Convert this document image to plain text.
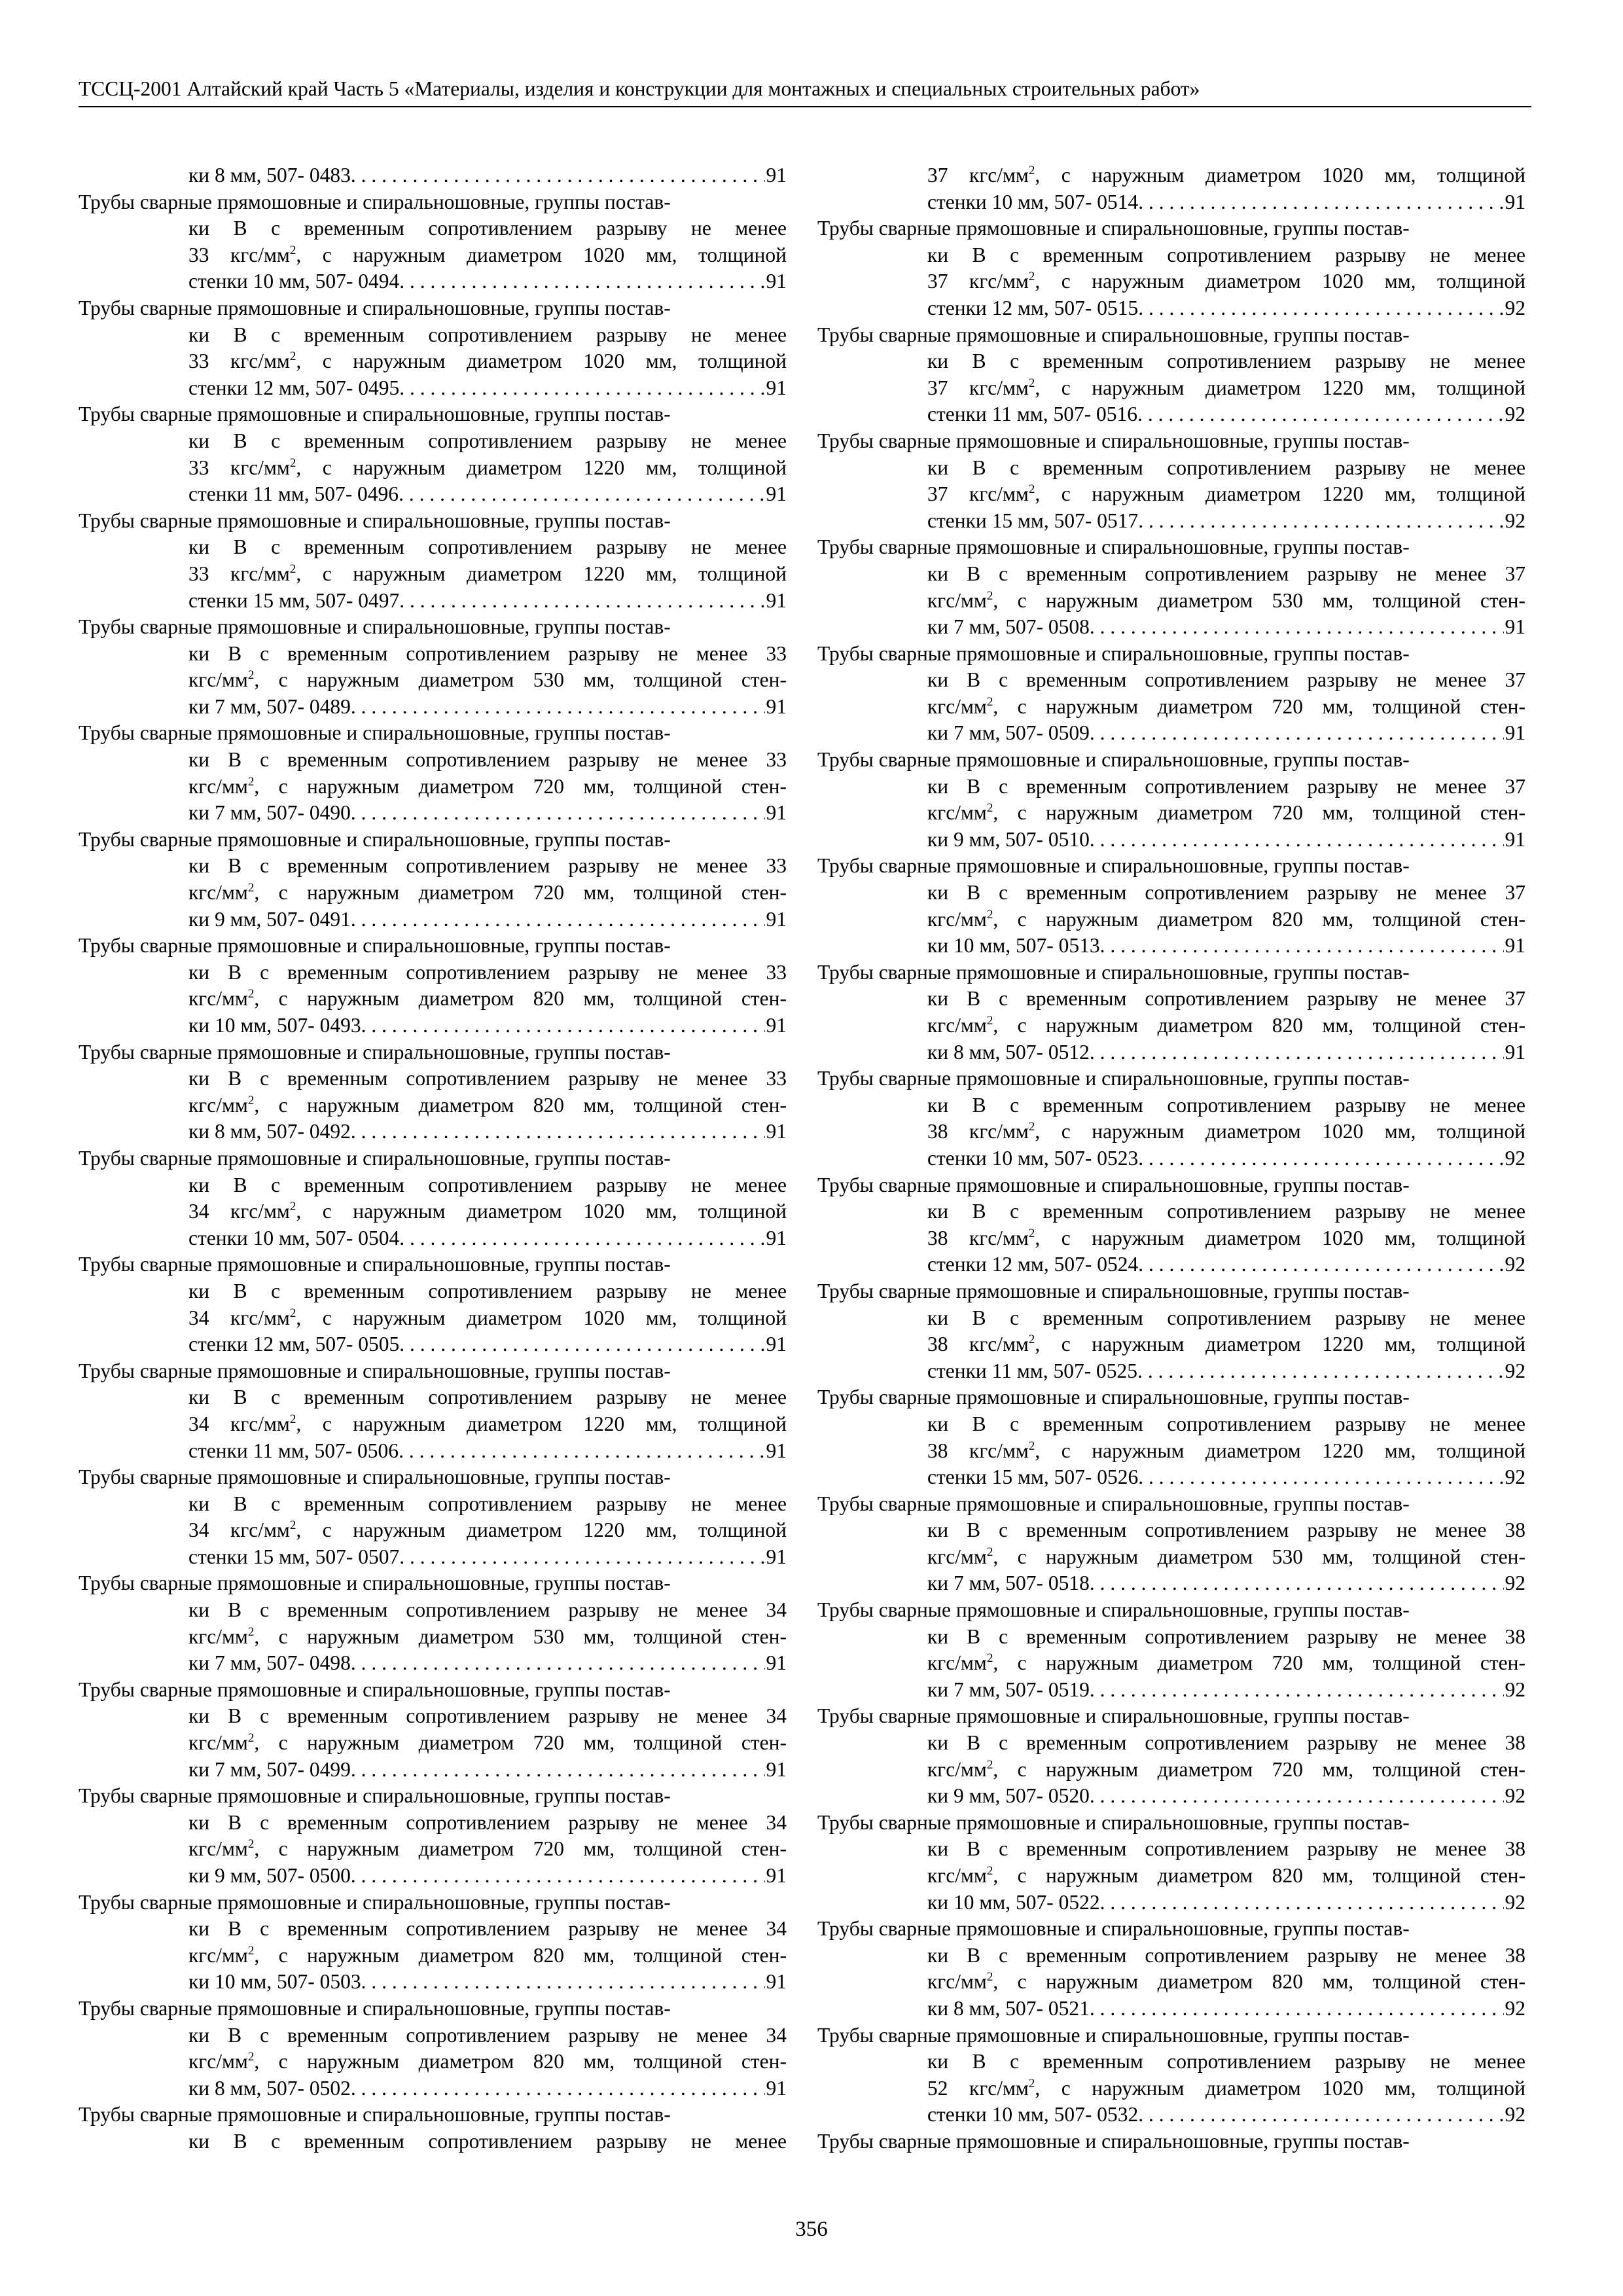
ТССЦ-2001 Алтайский край Часть 5 «Материалы, изделия и конструкции для монтажных и специальных строительных работ»
ки 8 мм, 507- 0483 . . .	91
Трубы сварные прямошовные и спиральношовные, группы постав-
ки В с временным сопротивлением разрыву не менее
33 кгс/$мм^2$, с наружным диаметром 1020 мм, толщиной
стенки 10 мм, 507- 0494 . . .	91
Трубы сварные прямошовные и спиральношовные, группы постав-
ки В с временным сопротивлением разрыву не менее
33 кгс/$мм^2$, с наружным диаметром 1020 мм, толщиной
стенки 12 мм, 507- 0495 . . .	91
Трубы сварные прямошовные и спиральношовные, группы постав-
ки В с временным сопротивлением разрыву не менее
33 кгс/$мм^2$, с наружным диаметром 1220 мм, толщиной
стенки 11 мм, 507- 0496 . . .	91
Трубы сварные прямошовные и спиральношовные, группы постав-
ки В с временным сопротивлением разрыву не менее
33 кгс/$мм^2$, с наружным диаметром 1220 мм, толщиной
стенки 15 мм, 507- 0497 . . .	91
Трубы сварные прямошовные и спиральношовные, группы постав-
ки В с временным сопротивлением разрыву не менее 33
кгс/$мм^2$, с наружным диаметром 530 мм, толщиной стен-
ки 7 мм, 507- 0489 . . .	91
Трубы сварные прямошовные и спиральношовные, группы постав-
ки В с временным сопротивлением разрыву не менее 33
кгс/$мм^2$, с наружным диаметром 720 мм, толщиной стен-
ки 7 мм, 507- 0490 . . .	91
Трубы сварные прямошовные и спиральношовные, группы постав-
ки В с временным сопротивлением разрыву не менее 33
кгс/$мм^2$, с наружным диаметром 720 мм, толщиной стен-
ки 9 мм, 507- 0491 . . .	91
Трубы сварные прямошовные и спиральношовные, группы постав-
ки В с временным сопротивлением разрыву не менее 33
кгс/$мм^2$, с наружным диаметром 820 мм, толщиной стен-
ки 10 мм, 507- 0493 . . .	91
Трубы сварные прямошовные и спиральношовные, группы постав-
ки В с временным сопротивлением разрыву не менее 33
кгс/$мм^2$, с наружным диаметром 820 мм, толщиной стен-
ки 8 мм, 507- 0492 . . .	91
Трубы сварные прямошовные и спиральношовные, группы постав-
ки В с временным сопротивлением разрыву не менее
34 кгс/$мм^2$, с наружным диаметром 1020 мм, толщиной
стенки 10 мм, 507- 0504 . . .	91
Трубы сварные прямошовные и спиральношовные, группы постав-
ки В с временным сопротивлением разрыву не менее
34 кгс/$мм^2$, с наружным диаметром 1020 мм, толщиной
стенки 12 мм, 507- 0505 . . .	91
Трубы сварные прямошовные и спиральношовные, группы постав-
ки В с временным сопротивлением разрыву не менее
34 кгс/$мм^2$, с наружным диаметром 1220 мм, толщиной
стенки 11 мм, 507- 0506 . . .	91
Трубы сварные прямошовные и спиральношовные, группы постав-
ки В с временным сопротивлением разрыву не менее
34 кгс/$мм^2$, с наружным диаметром 1220 мм, толщиной
стенки 15 мм, 507- 0507 . . .	91
Трубы сварные прямошовные и спиральношовные, группы постав-
ки В с временным сопротивлением разрыву не менее 34
кгс/$мм^2$, с наружным диаметром 530 мм, толщиной стен-
ки 7 мм, 507- 0498 . . .	91
Трубы сварные прямошовные и спиральношовные, группы постав-
ки В с временным сопротивлением разрыву не менее 34
кгс/$мм^2$, с наружным диаметром 720 мм, толщиной стен-
ки 7 мм, 507- 0499 . . .	91
Трубы сварные прямошовные и спиральношовные, группы постав-
ки В с временным сопротивлением разрыву не менее 34
кгс/$мм^2$, с наружным диаметром 720 мм, толщиной стен-
ки 9 мм, 507- 0500 . . .	91
Трубы сварные прямошовные и спиральношовные, группы постав-
ки В с временным сопротивлением разрыву не менее 34
кгс/$мм^2$, с наружным диаметром 820 мм, толщиной стен-
ки 10 мм, 507- 0503 . . .	91
Трубы сварные прямошовные и спиральношовные, группы постав-
ки В с временным сопротивлением разрыву не менее 34
кгс/$мм^2$, с наружным диаметром 820 мм, толщиной стен-
ки 8 мм, 507- 0502 . . .	91
Трубы сварные прямошовные и спиральношовные, группы постав-
ки В с временным сопротивлением разрыву не менее
37 кгс/$мм^2$, с наружным диаметром 1020 мм, толщиной
стенки 10 мм, 507- 0514 . . .	91
Трубы сварные прямошовные и спиральношовные, группы постав-
ки В с временным сопротивлением разрыву не менее
37 кгс/$мм^2$, с наружным диаметром 1020 мм, толщиной
стенки 12 мм, 507- 0515 . . .	92
Трубы сварные прямошовные и спиральношовные, группы постав-
ки В с временным сопротивлением разрыву не менее
37 кгс/$мм^2$, с наружным диаметром 1220 мм, толщиной
стенки 11 мм, 507- 0516 . . .	92
Трубы сварные прямошовные и спиральношовные, группы постав-
ки В с временным сопротивлением разрыву не менее
37 кгс/$мм^2$, с наружным диаметром 1220 мм, толщиной
стенки 15 мм, 507- 0517 . . .	92
Трубы сварные прямошовные и спиральношовные, группы постав-
ки В с временным сопротивлением разрыву не менее 37
кгс/$мм^2$, с наружным диаметром 530 мм, толщиной стен-
ки 7 мм, 507- 0508 . . .	91
Трубы сварные прямошовные и спиральношовные, группы постав-
ки В с временным сопротивлением разрыву не менее 37
кгс/$мм^2$, с наружным диаметром 720 мм, толщиной стен-
ки 7 мм, 507- 0509 . . .	91
Трубы сварные прямошовные и спиральношовные, группы постав-
ки В с временным сопротивлением разрыву не менее 37
кгс/$мм^2$, с наружным диаметром 720 мм, толщиной стен-
ки 9 мм, 507- 0510 . . .	91
Трубы сварные прямошовные и спиральношовные, группы постав-
ки В с временным сопротивлением разрыву не менее 37
кгс/$мм^2$, с наружным диаметром 820 мм, толщиной стен-
ки 10 мм, 507- 0513 . . .	91
Трубы сварные прямошовные и спиральношовные, группы постав-
ки В с временным сопротивлением разрыву не менее 37
кгс/$мм^2$, с наружным диаметром 820 мм, толщиной стен-
ки 8 мм, 507- 0512 . . .	91
Трубы сварные прямошовные и спиральношовные, группы постав-
ки В с временным сопротивлением разрыву не менее
38 кгс/$мм^2$, с наружным диаметром 1020 мм, толщиной
стенки 10 мм, 507- 0523 . . .	92
Трубы сварные прямошовные и спиральношовные, группы постав-
ки В с временным сопротивлением разрыву не менее
38 кгс/$мм^2$, с наружным диаметром 1020 мм, толщиной
стенки 12 мм, 507- 0524 . . .	92
Трубы сварные прямошовные и спиральношовные, группы постав-
ки В с временным сопротивлением разрыву не менее
38 кгс/$мм^2$, с наружным диаметром 1220 мм, толщиной
стенки 11 мм, 507- 0525 . . .	92
Трубы сварные прямошовные и спиральношовные, группы постав-
ки В с временным сопротивлением разрыву не менее
38 кгс/$мм^2$, с наружным диаметром 1220 мм, толщиной
стенки 15 мм, 507- 0526 . . .	92
Трубы сварные прямошовные и спиральношовные, группы постав-
ки В с временным сопротивлением разрыву не менее 38
кгс/$мм^2$, с наружным диаметром 530 мм, толщиной стен-
ки 7 мм, 507- 0518 . . .	92
Трубы сварные прямошовные и спиральношовные, группы постав-
ки В с временным сопротивлением разрыву не менее 38
кгс/$мм^2$, с наружным диаметром 720 мм, толщиной стен-
ки 7 мм, 507- 0519 . . .	92
Трубы сварные прямошовные и спиральношовные, группы постав-
ки В с временным сопротивлением разрыву не менее 38
кгс/$мм^2$, с наружным диаметром 720 мм, толщиной стен-
ки 9 мм, 507- 0520 . . .	92
Трубы сварные прямошовные и спиральношовные, группы постав-
ки В с временным сопротивлением разрыву не менее 38
кгс/$мм^2$, с наружным диаметром 820 мм, толщиной стен-
ки 10 мм, 507- 0522 . . .	92
Трубы сварные прямошовные и спиральношовные, группы постав-
ки В с временным сопротивлением разрыву не менее 38
кгс/$мм^2$, с наружным диаметром 820 мм, толщиной стен-
ки 8 мм, 507- 0521 . . .	92
Трубы сварные прямошовные и спиральношовные, группы постав-
ки В с временным сопротивлением разрыву не менее
52 кгс/$мм^2$, с наружным диаметром 1020 мм, толщиной
стенки 10 мм, 507- 0532 . . .	92
Трубы сварные прямошовные и спиральношовные, группы постав-
356
